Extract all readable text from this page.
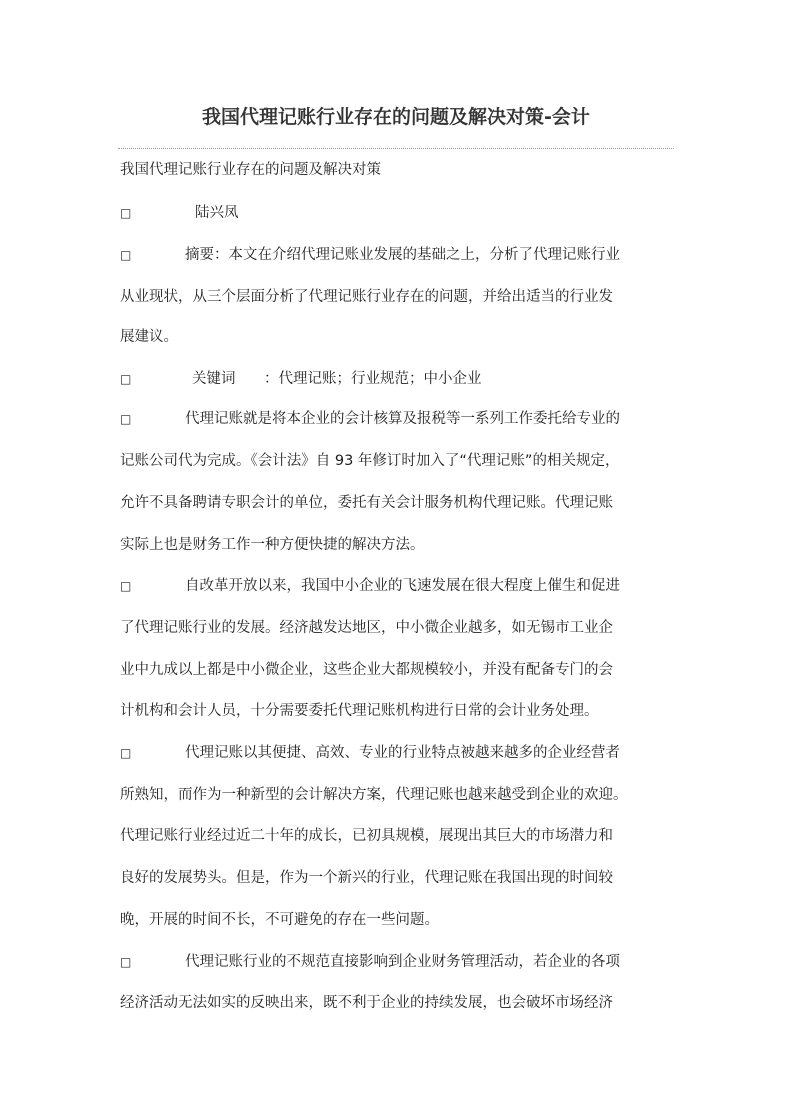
我国代理记账行业存在的问题及解决对策-会计
我国代理记账行业存在的问题及解决对策
□	陆兴凤
□	摘要：本文在介绍代理记账业发展的基础之上，分析了代理记账行业
从业现状，从三个层面分析了代理记账行业存在的问题，并给出适当的行业发
展建议。
□	关键词 ：代理记账；行业规范；中小企业
□	代理记账就是将本企业的会计核算及报税等一系列工作委托给专业的
记账公司代为完成。《会计法》自 93 年修订时加入了“代理记账”的相关规定，
允许不具备聘请专职会计的单位，委托有关会计服务机构代理记账。代理记账
实际上也是财务工作一种方便快捷的解决方法。
□	自改革开放以来，我国中小企业的飞速发展在很大程度上催生和促进
了代理记账行业的发展。经济越发达地区，中小微企业越多，如无锡市工业企
业中九成以上都是中小微企业，这些企业大都规模较小，并没有配备专门的会
计机构和会计人员，十分需要委托代理记账机构进行日常的会计业务处理。
□	代理记账以其便捷、高效、专业的行业特点被越来越多的企业经营者
所熟知，而作为一种新型的会计解决方案，代理记账也越来越受到企业的欢迎。
代理记账行业经过近二十年的成长，已初具规模，展现出其巨大的市场潜力和
良好的发展势头。但是，作为一个新兴的行业，代理记账在我国出现的时间较
晚，开展的时间不长，不可避免的存在一些问题。
□	代理记账行业的不规范直接影响到企业财务管理活动，若企业的各项
经济活动无法如实的反映出来，既不利于企业的持续发展，也会破坏市场经济
